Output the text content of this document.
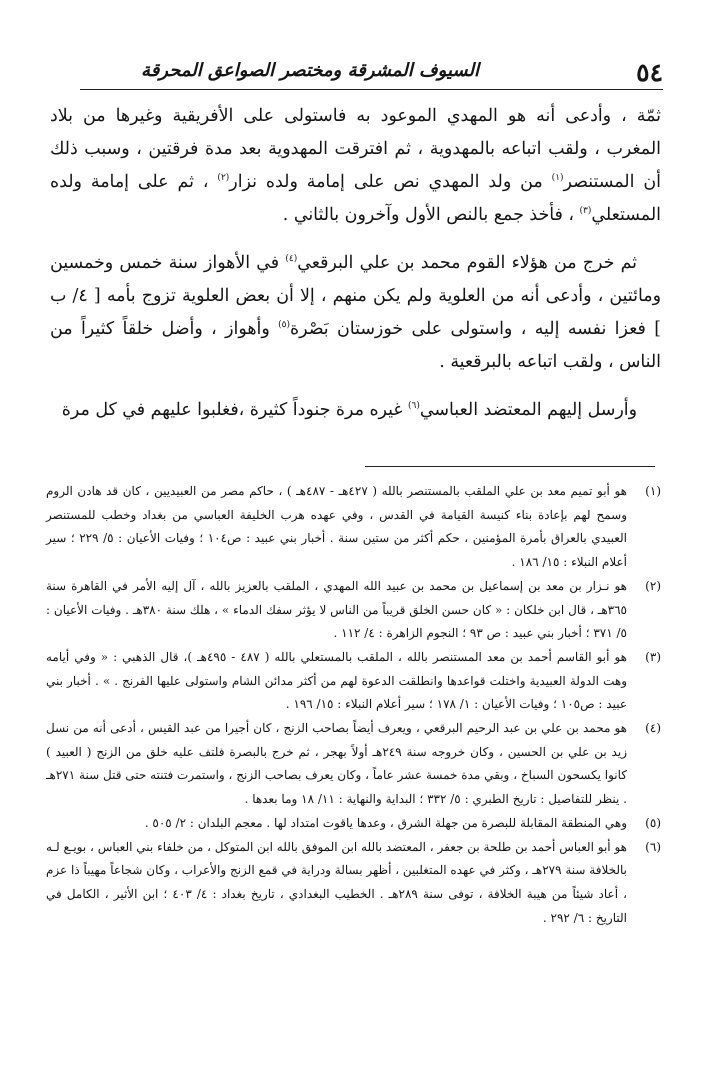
٥٤
السيوف المشرقة ومختصر الصواعق المحرقة

ثمّة ، وأدعى أنه هو المهدي الموعود به فاستولى على الأفريقية وغيرها من بلاد المغرب ، ولقب اتباعه بالمهدوية ، ثم افترقت المهدوية بعد مدة فرقتين ، وسبب ذلك أن المستنصر$^{(١)}$ من ولد المهدي نص على إمامة ولده نزار$^{(٢)}$ ، ثم على إمامة ولده المستعلي$^{(٣)}$ ، فأخذ جمع بالنص الأول وآخرون بالثاني .

ثم خرج من هؤلاء القوم محمد بن علي البرقعي$^{(٤)}$ في الأهواز سنة خمس وخمسين ومائتين ، وأدعى أنه من العلوية ولم يكن منهم ، إلا أن بعض العلوية تزوج بأمه [ ٤/ ب ] فعزا نفسه إليه ، واستولى على خوزستان بَصْرة$^{(٥)}$ وأهواز ، وأضل خلقاً كثيراً من الناس ، ولقب اتباعه بالبرقعية .

وأرسل إليهم المعتضد العباسي$^{(٦)}$ غيره مرة جنوداً كثيرة ،فغلبوا عليهم في كل مرة

(١)
هو أبو تميم معد بن علي الملقب بالمستنصر بالله ( ٤٢٧هـ - ٤٨٧هـ ) ، حاكم مصر من العبيديين ، كان قد هادن الروم وسمح لهم بإعادة بناء كنيسة القيامة في القدس ، وفي عهده هرب الخليفة العباسي من بغداد وخطب للمستنصر العبيدي بالعراق بأمرة المؤمنين ، حكم أكثر من ستين سنة . أخبار بني عبيد : ص١٠٤ ؛ وفيات الأعيان : ٥/ ٢٢٩ ؛ سير أعلام النبلاء : ١٥/ ١٨٦ .
(٢)
هو نـزار بن معد بن إسماعيل بن محمد بن عبيد الله المهدي ، الملقب بالعزيز بالله ، آل إليه الأمر في القاهرة سنة ٣٦٥هـ ، قال ابن خلكان : « كان حسن الخلق قريباً من الناس لا يؤثر سفك الدماء » ، هلك سنة ٣٨٠هـ . وفيات الأعيان : ٥/ ٣٧١ ؛ أخبار بني عبيد : ص ٩٣ ؛ النجوم الزاهرة : ٤/ ١١٢ .
(٣)
هو أبو القاسم أحمد بن معد المستنصر بالله ، الملقب بالمستعلي بالله ( ٤٨٧ - ٤٩٥هـ )، قال الذهبي : « وفي أيامه وهت الدولة العبيدية واختلت قواعدها وانطلقت الدعوة لهم من أكثر مدائن الشام واستولى عليها الفرنج . » . أخبار بني عبيد : ص١٠٥ ؛ وفيات الأعيان : ١/ ١٧٨ ؛ سير أعلام النبلاء : ١٥/ ١٩٦ .
(٤)
هو محمد بن علي بن عبد الرحيم البرقعي ، ويعرف أيضاً بصاحب الزنج ، كان أجيرا من عبد القيس ، أدعى أنه من نسل زيد بن علي بن الحسين ، وكان خروجه سنة ٢٤٩هـ أولاً بهجر ، ثم خرج بالبصرة فلتف عليه خلق من الزنج ( العبيد ) كانوا يكسحون السباخ ، وبقي مدة خمسة عشر عاماً ، وكان يعرف بصاحب الزنج ، واستمرت فتنته حتى قتل سنة ٢٧١هـ . ينظر للتفاصيل : تاريخ الطبري : ٥/ ٣٣٢ ؛ البداية والنهاية : ١١/ ١٨ وما بعدها .
(٥)
وهي المنطقة المقابلة للبصرة من جهلة الشرق ، وعدها ياقوت امتداد لها . معجم البلدان : ٢/ ٥٠٥ .
(٦)
هو أبو العباس أحمد بن طلحة بن جعفر ، المعتضد بالله ابن الموفق بالله ابن المتوكل ، من خلفاء بني العباس ، بويـع لـه بالخلافة سنة ٢٧٩هـ ، وكثر في عهده المتغلبين ، أظهر بسالة ودراية في قمع الزنج والأعراب ، وكان شجاعاً مهيباً ذا عزم ، أعاد شيئاً من هيبة الخلافة ، توفى سنة ٢٨٩هـ . الخطيب البغدادي ، تاريخ بغداد : ٤/ ٤٠٣ ؛ ابن الأثير ، الكامل في التاريخ : ٦/ ٢٩٢ .
